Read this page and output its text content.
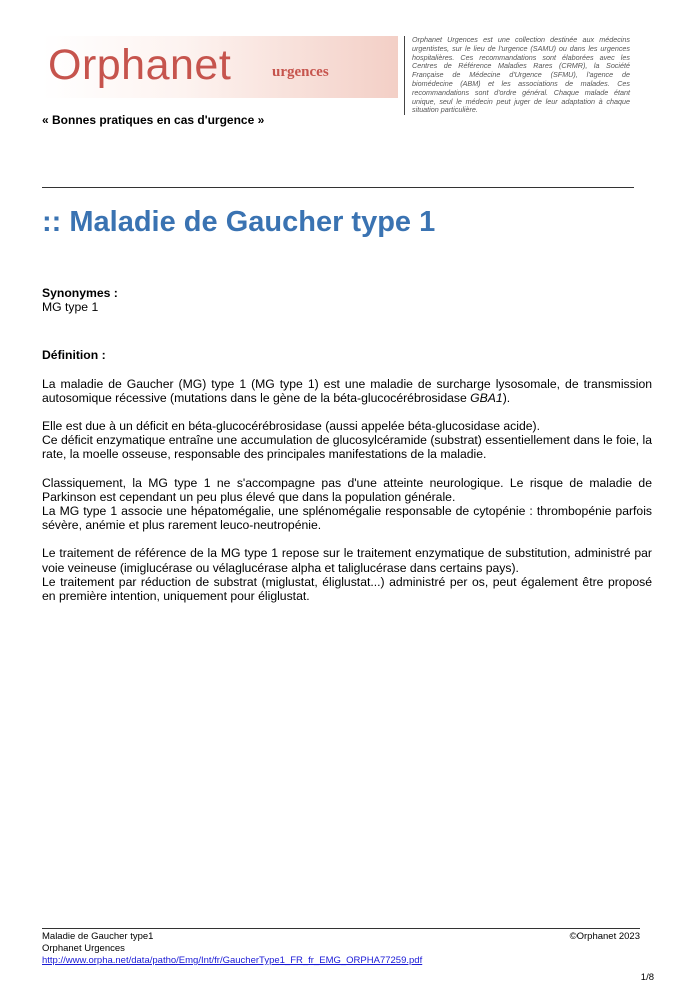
Orphanet	urgences
« Bonnes pratiques en cas d'urgence »
Orphanet Urgences est une collection destinée aux médecins urgentistes, sur le lieu de l'urgence (SAMU) ou dans les urgences hospitalières. Ces recommandations sont élaborées avec les Centres de Référence Maladies Rares (CRMR), la Société Française de Médecine d'Urgence (SFMU), l'agence de biomédecine (ABM) et les associations de malades. Ces recommandations sont d'ordre général. Chaque malade étant unique, seul le médecin peut juger de leur adaptation à chaque situation particulière.
:: Maladie de Gaucher type 1

Synonymes :

MG type 1

Définition :

La maladie de Gaucher (MG) type 1 (MG type 1) est une maladie de surcharge lysosomale, de transmission autosomique récessive (mutations dans le gène de la béta-glucocérébrosidase GBA1).

Elle est due à un déficit en béta-glucocérébrosidase (aussi appelée béta-glucosidase acide).

Ce déficit enzymatique entraîne une accumulation de glucosylcéramide (substrat) essentiellement dans le foie, la rate, la moelle osseuse, responsable des principales manifestations de la maladie.

Classiquement, la MG type 1 ne s'accompagne pas d'une atteinte neurologique. Le risque de maladie de Parkinson est cependant un peu plus élevé que dans la population générale.

La MG type 1 associe une hépatomégalie, une splénomégalie responsable de cytopénie : thrombopénie parfois sévère, anémie et plus rarement leuco-neutropénie.

Le traitement de référence de la MG type 1 repose sur le traitement enzymatique de substitution, administré par voie veineuse (imiglucérase ou vélaglucérase alpha et taliglucérase dans certains pays).

Le traitement par réduction de substrat (miglustat, éliglustat...) administré per os, peut également être proposé en première intention, uniquement pour éliglustat.

Maladie de Gaucher type1	©Orphanet 2023
Orphanet Urgences
http://www.orpha.net/data/patho/Emg/Int/fr/GaucherType1_FR_fr_EMG_ORPHA77259.pdf
1/8
